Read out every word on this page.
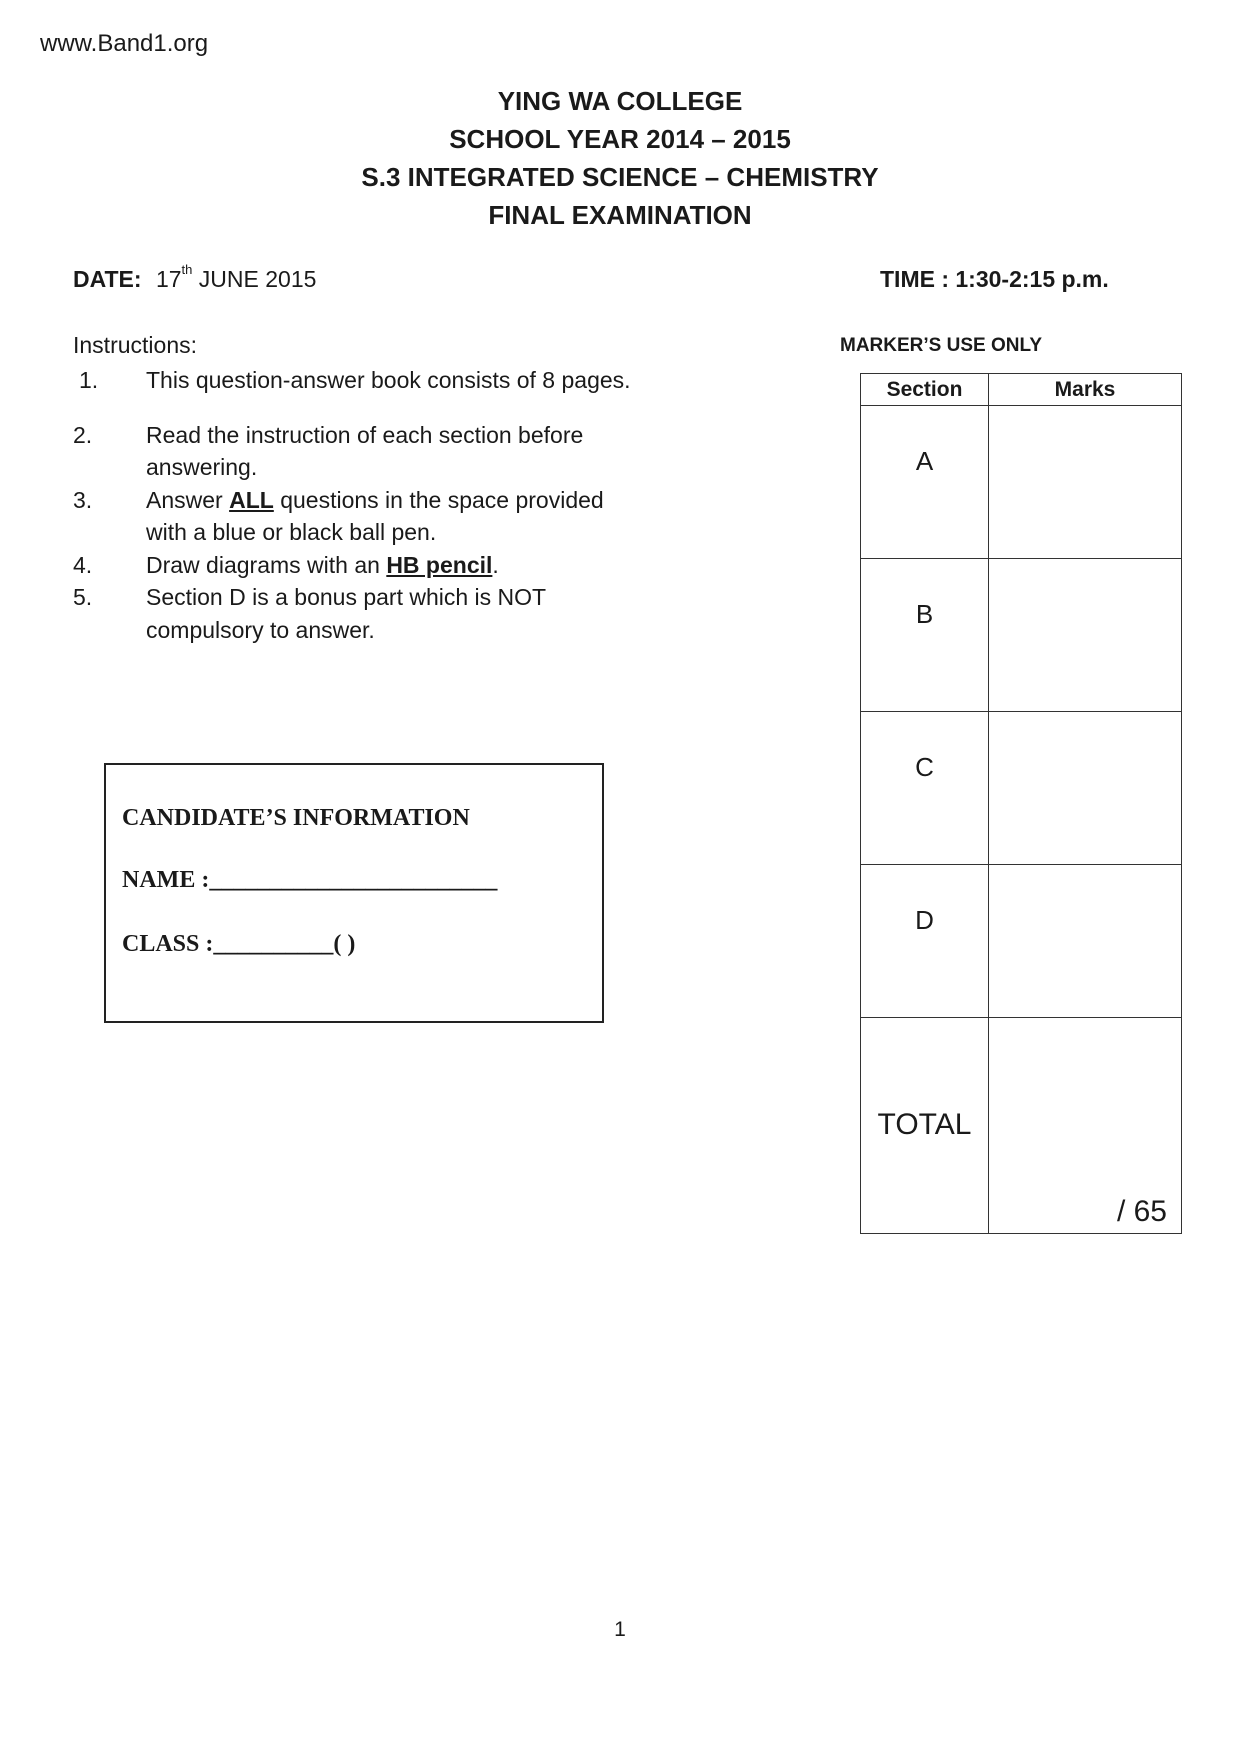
www.Band1.org
YING WA COLLEGE
SCHOOL YEAR 2014 – 2015
S.3 INTEGRATED SCIENCE – CHEMISTRY
FINAL EXAMINATION
DATE: 17th JUNE 2015	TIME : 1:30-2:15 p.m.
Instructions:
1. This question-answer book consists of 8 pages.
2. Read the instruction of each section before answering.
3. Answer ALL questions in the space provided with a blue or black ball pen.
4. Draw diagrams with an HB pencil.
5. Section D is a bonus part which is NOT compulsory to answer.
MARKER’S USE ONLY
Section	Marks

A	

B	

C	

D	

TOTAL	/ 65
CANDIDATE’S INFORMATION
NAME :________________________
CLASS :__________( )
1
